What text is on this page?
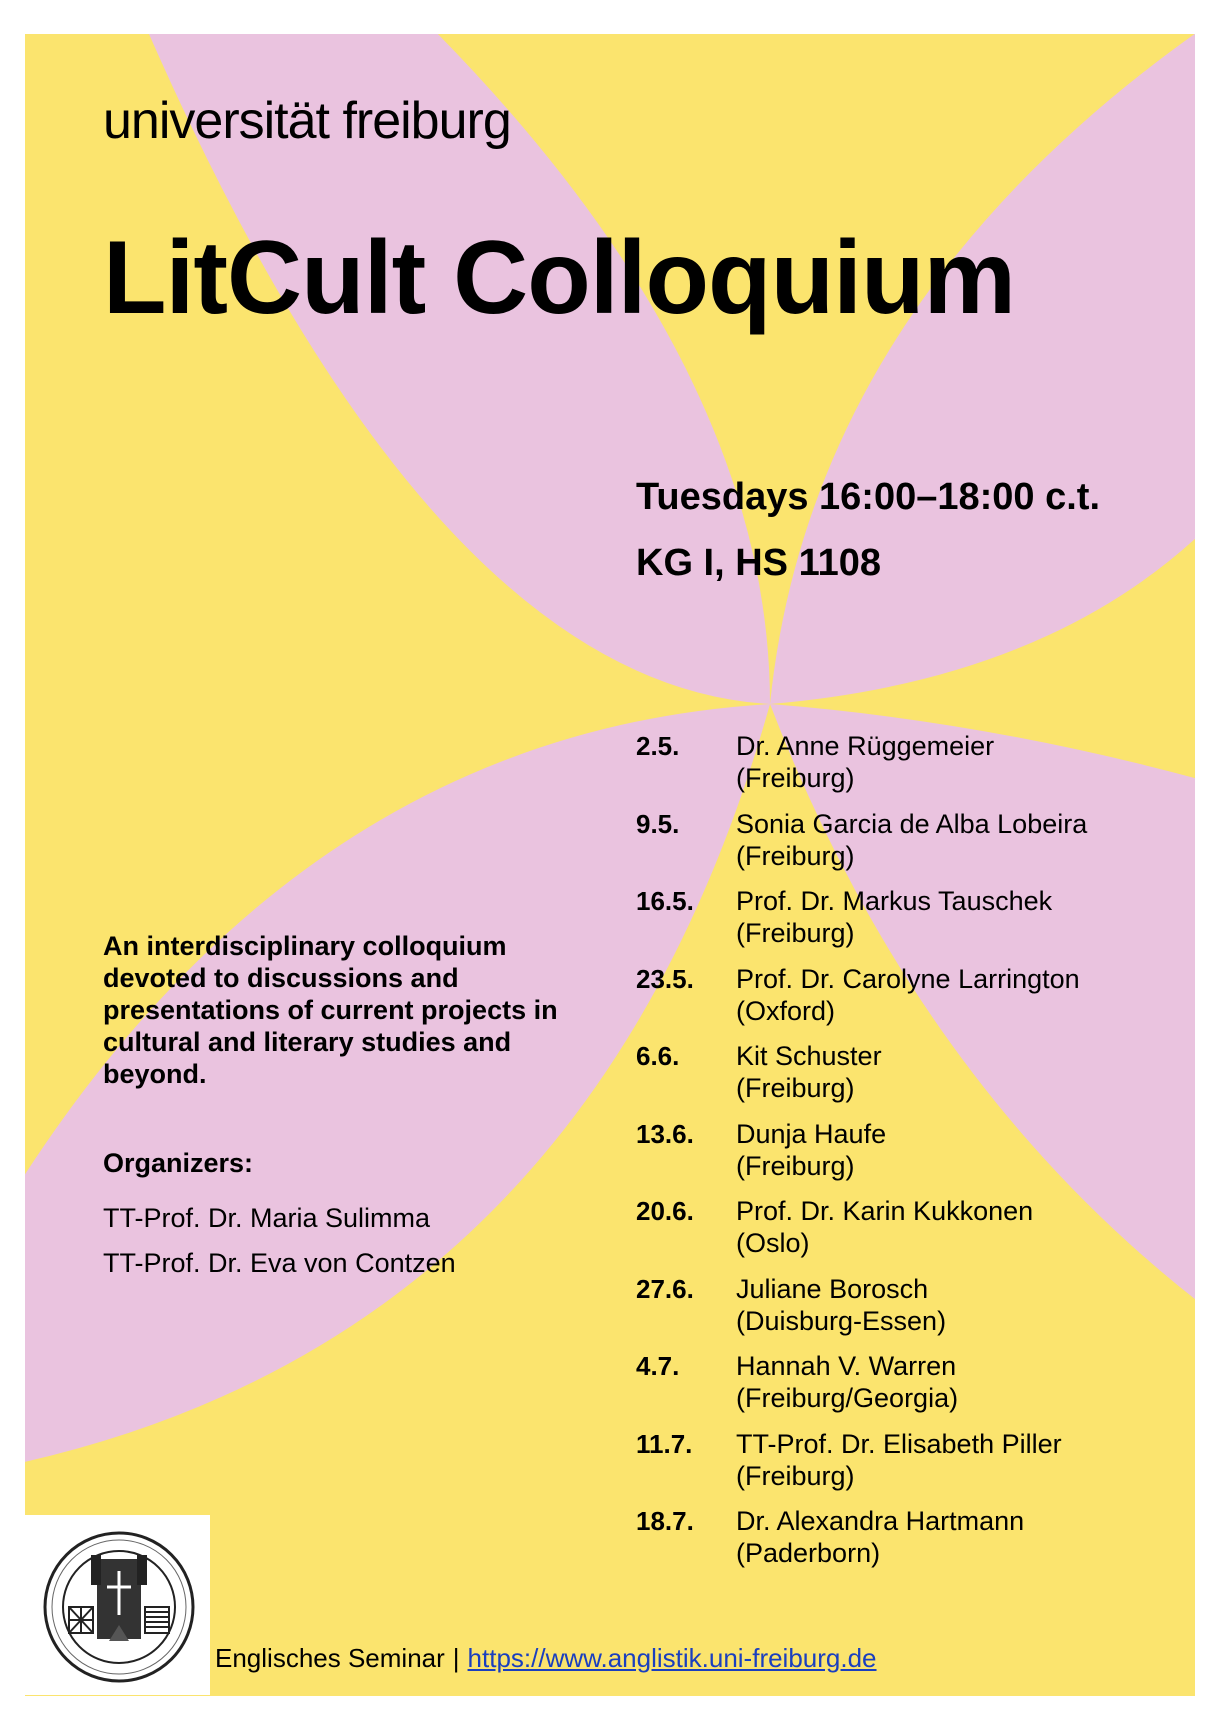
universität freiburg
LitCult Colloquium
Tuesdays 16:00–18:00 c.t.
KG I, HS 1108
An interdisciplinary colloquium devoted to discussions and presentations of current projects in cultural and literary studies and beyond.
Organizers:
TT-Prof. Dr. Maria Sulimma
TT-Prof. Dr. Eva von Contzen
2.5. Dr. Anne Rüggemeier
(Freiburg)
9.5. Sonia Garcia de Alba Lobeira
(Freiburg)
16.5. Prof. Dr. Markus Tauschek
(Freiburg)
23.5. Prof. Dr. Carolyne Larrington
(Oxford)
6.6. Kit Schuster
(Freiburg)
13.6. Dunja Haufe
(Freiburg)
20.6. Prof. Dr. Karin Kukkonen
(Oslo)
27.6. Juliane Borosch
(Duisburg-Essen)
4.7. Hannah V. Warren
(Freiburg/Georgia)
11.7. TT-Prof. Dr. Elisabeth Piller
(Freiburg)
18.7. Dr. Alexandra Hartmann
(Paderborn)
Englisches Seminar | https://www.anglistik.uni-freiburg.de
